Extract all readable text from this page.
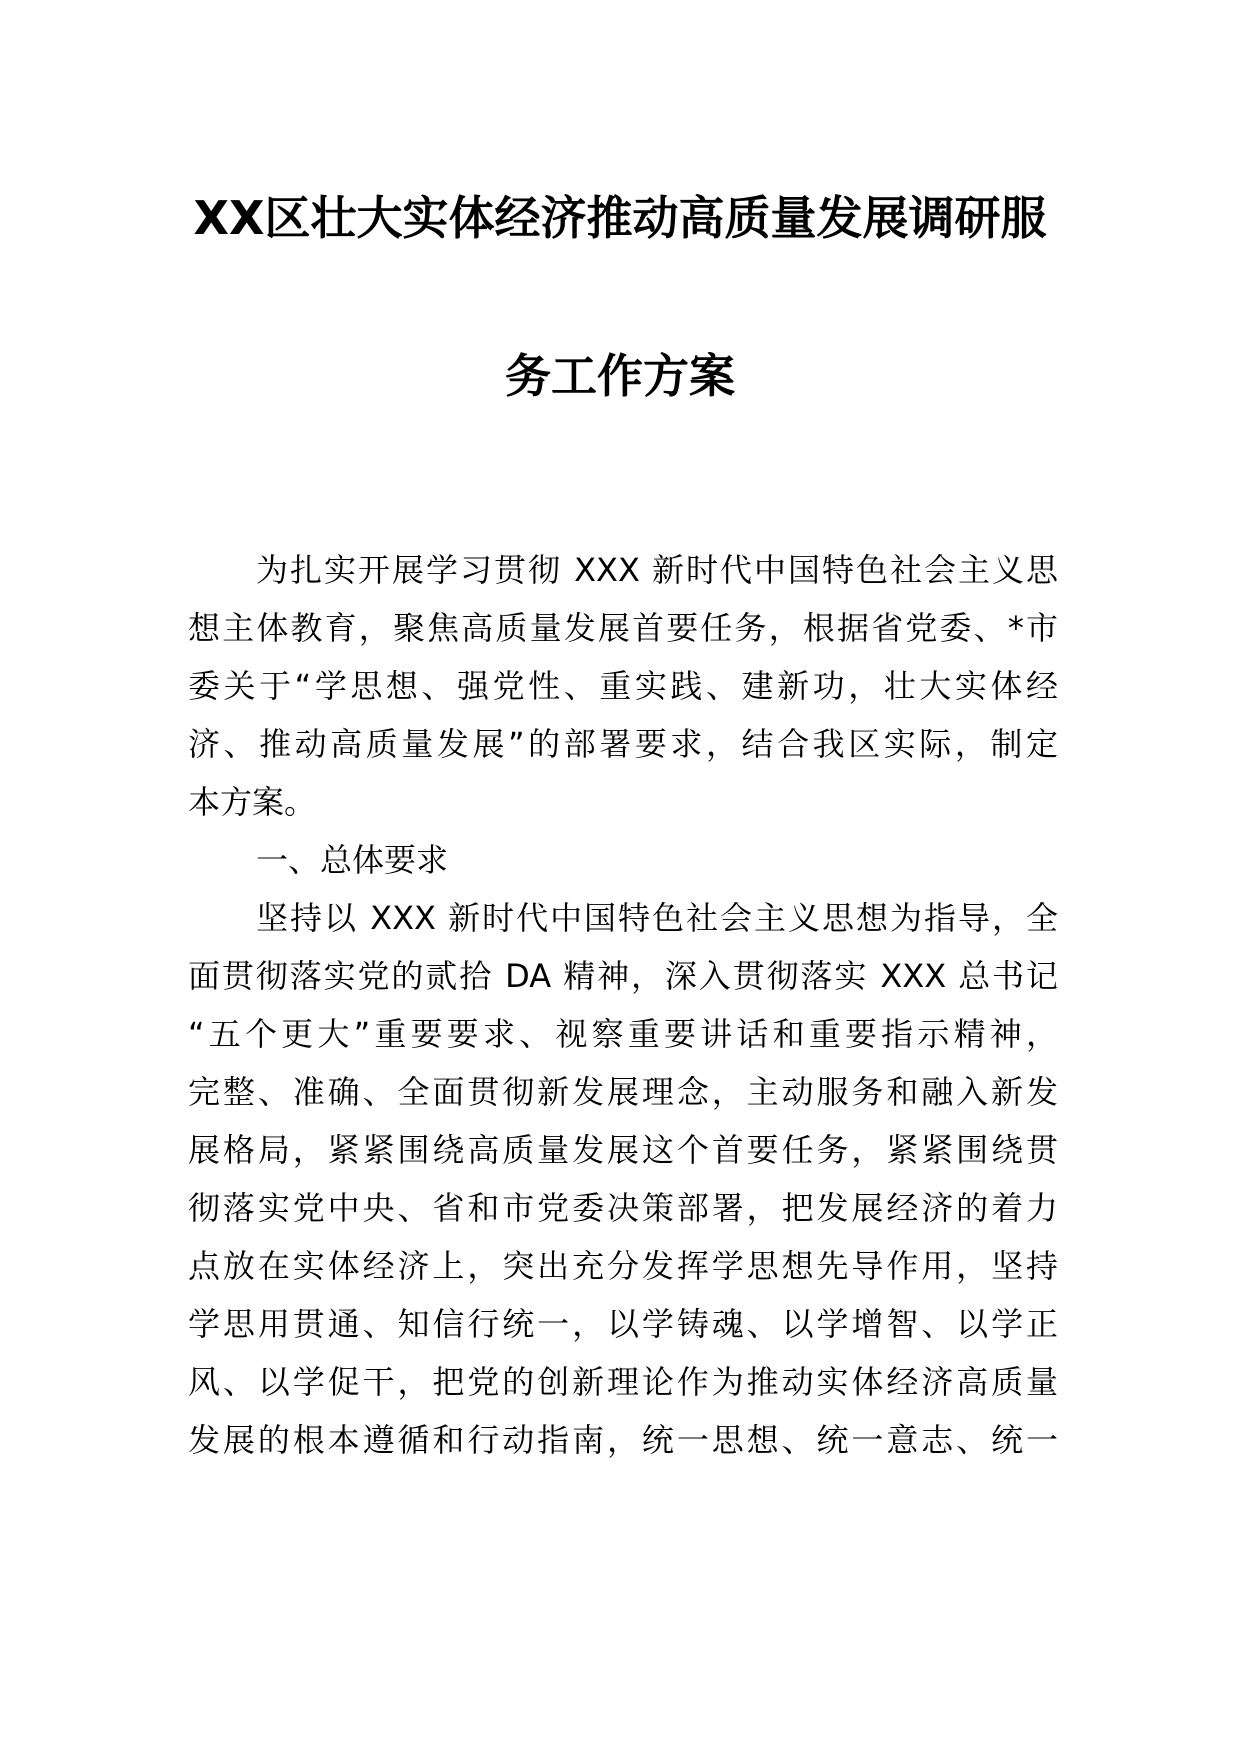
XX区壮大实体经济推动高质量发展调研服
务工作方案
为扎实开展学习贯彻 XXX 新时代中国特色社会主义思
想主体教育，聚焦高质量发展首要任务，根据省党委、*市
委关于“学思想、强党性、重实践、建新功，壮大实体经
济、推动高质量发展”的部署要求，结合我区实际，制定
本方案。
一、总体要求
坚持以 XXX 新时代中国特色社会主义思想为指导，全
面贯彻落实党的贰拾 DA 精神，深入贯彻落实 XXX 总书记
“五个更大”重要要求、视察重要讲话和重要指示精神，
完整、准确、全面贯彻新发展理念，主动服务和融入新发
展格局，紧紧围绕高质量发展这个首要任务，紧紧围绕贯
彻落实党中央、省和市党委决策部署，把发展经济的着力
点放在实体经济上，突出充分发挥学思想先导作用，坚持
学思用贯通、知信行统一，以学铸魂、以学增智、以学正
风、以学促干，把党的创新理论作为推动实体经济高质量
发展的根本遵循和行动指南，统一思想、统一意志、统一
